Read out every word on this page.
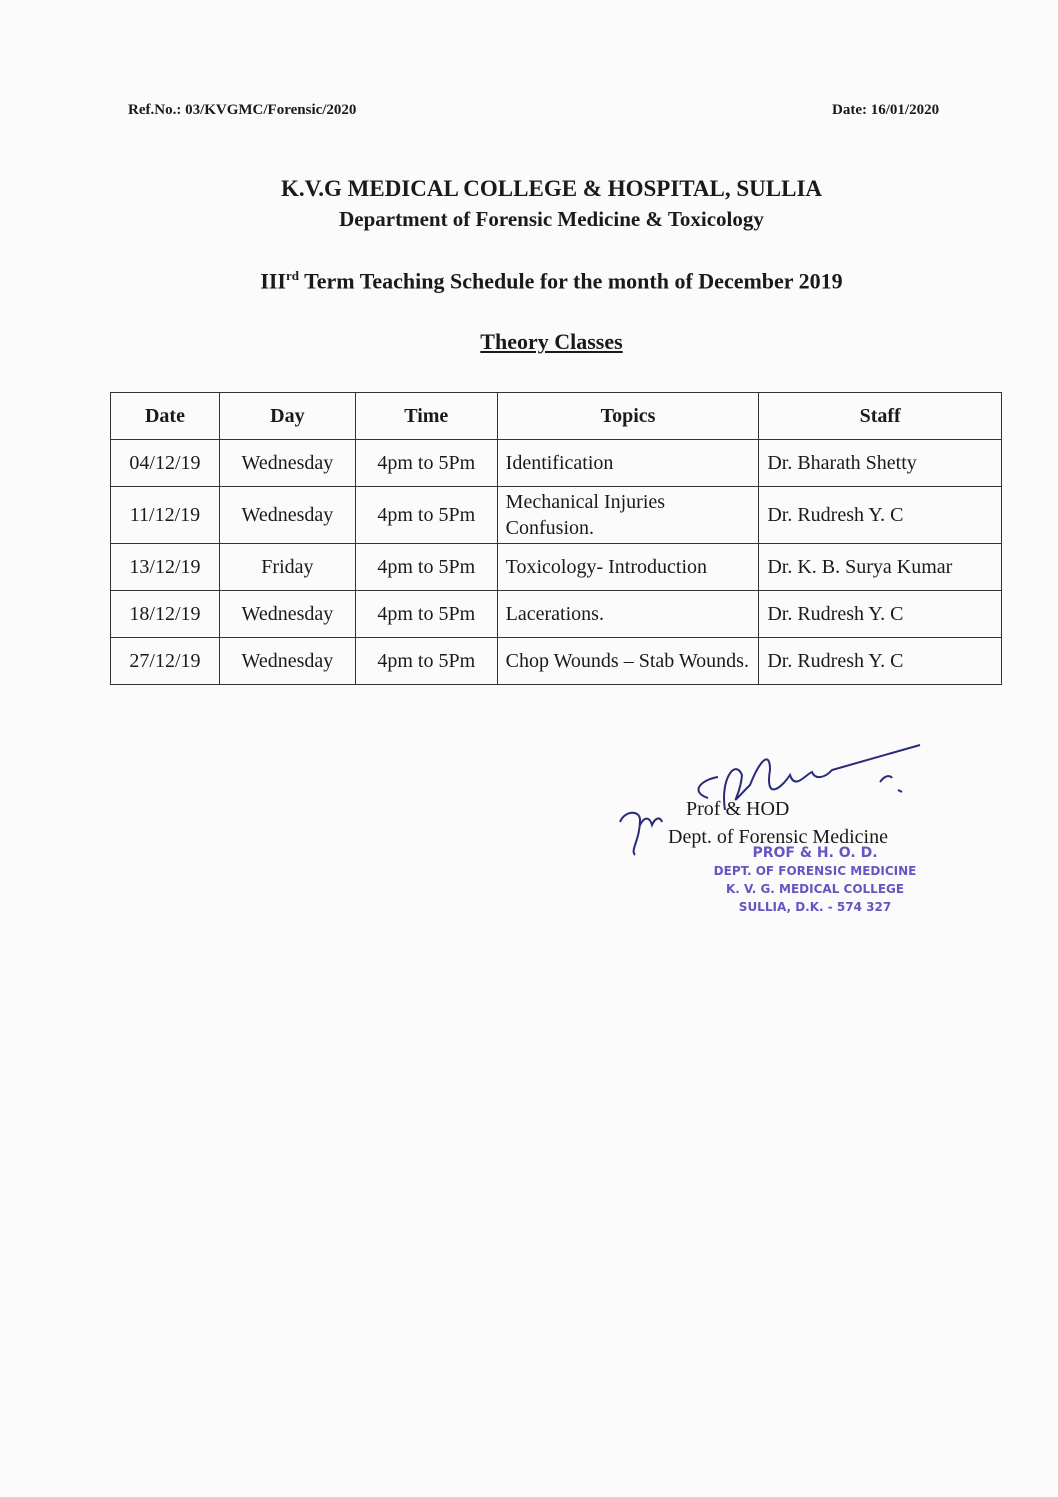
Ref.No.: 03/KVGMC/Forensic/2020	Date: 16/01/2020
K.V.G MEDICAL COLLEGE & HOSPITAL, SULLIA
Department of Forensic Medicine & Toxicology
IIIrd Term Teaching Schedule for the month of December 2019
Theory Classes
Date	Day	Time	Topics	Staff
04/12/19	Wednesday	4pm to 5Pm	Identification	Dr. Bharath Shetty
11/12/19	Wednesday	4pm to 5Pm	Mechanical Injuries Confusion.	Dr. Rudresh Y. C
13/12/19	Friday	4pm to 5Pm	Toxicology- Introduction	Dr. K. B. Surya Kumar
18/12/19	Wednesday	4pm to 5Pm	Lacerations.	Dr. Rudresh Y. C
27/12/19	Wednesday	4pm to 5Pm	Chop Wounds – Stab Wounds.	Dr. Rudresh Y. C
Prof & HOD
Dept. of Forensic Medicine
PROF & H. O. D.
DEPT. OF FORENSIC MEDICINE
K. V. G. MEDICAL COLLEGE
SULLIA, D.K. - 574 327
